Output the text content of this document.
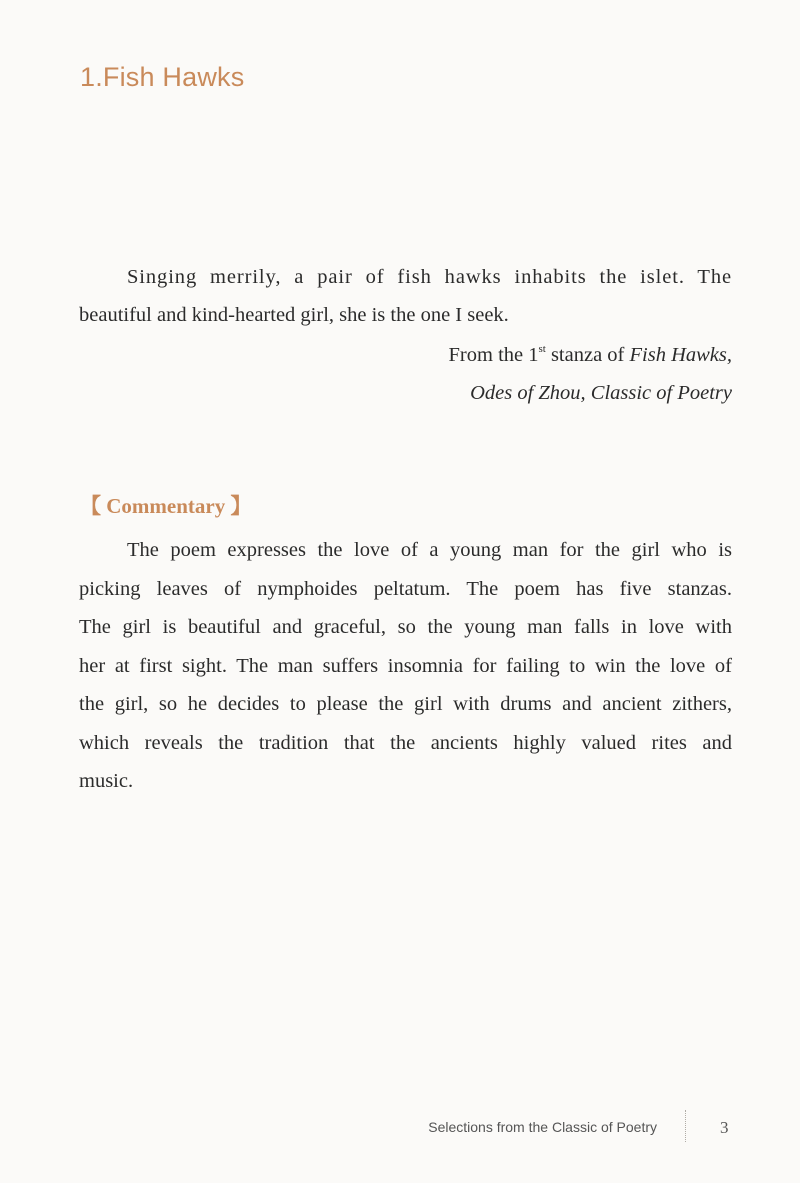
1.Fish Hawks

Singing merrily, a pair of fish hawks inhabits the islet. The
beautiful and kind-hearted girl, she is the one I seek.

From the 1st stanza of Fish Hawks,
Odes of Zhou, Classic of Poetry
【 Commentary 】

The poem expresses the love of a young man for the girl who is
picking leaves of nymphoides peltatum. The poem has five stanzas.
The girl is beautiful and graceful, so the young man falls in love with
her at first sight. The man suffers insomnia for failing to win the love of
the girl, so he decides to please the girl with drums and ancient zithers,
which reveals the tradition that the ancients highly valued rites and
music.

Selections from the Classic of Poetry	3
